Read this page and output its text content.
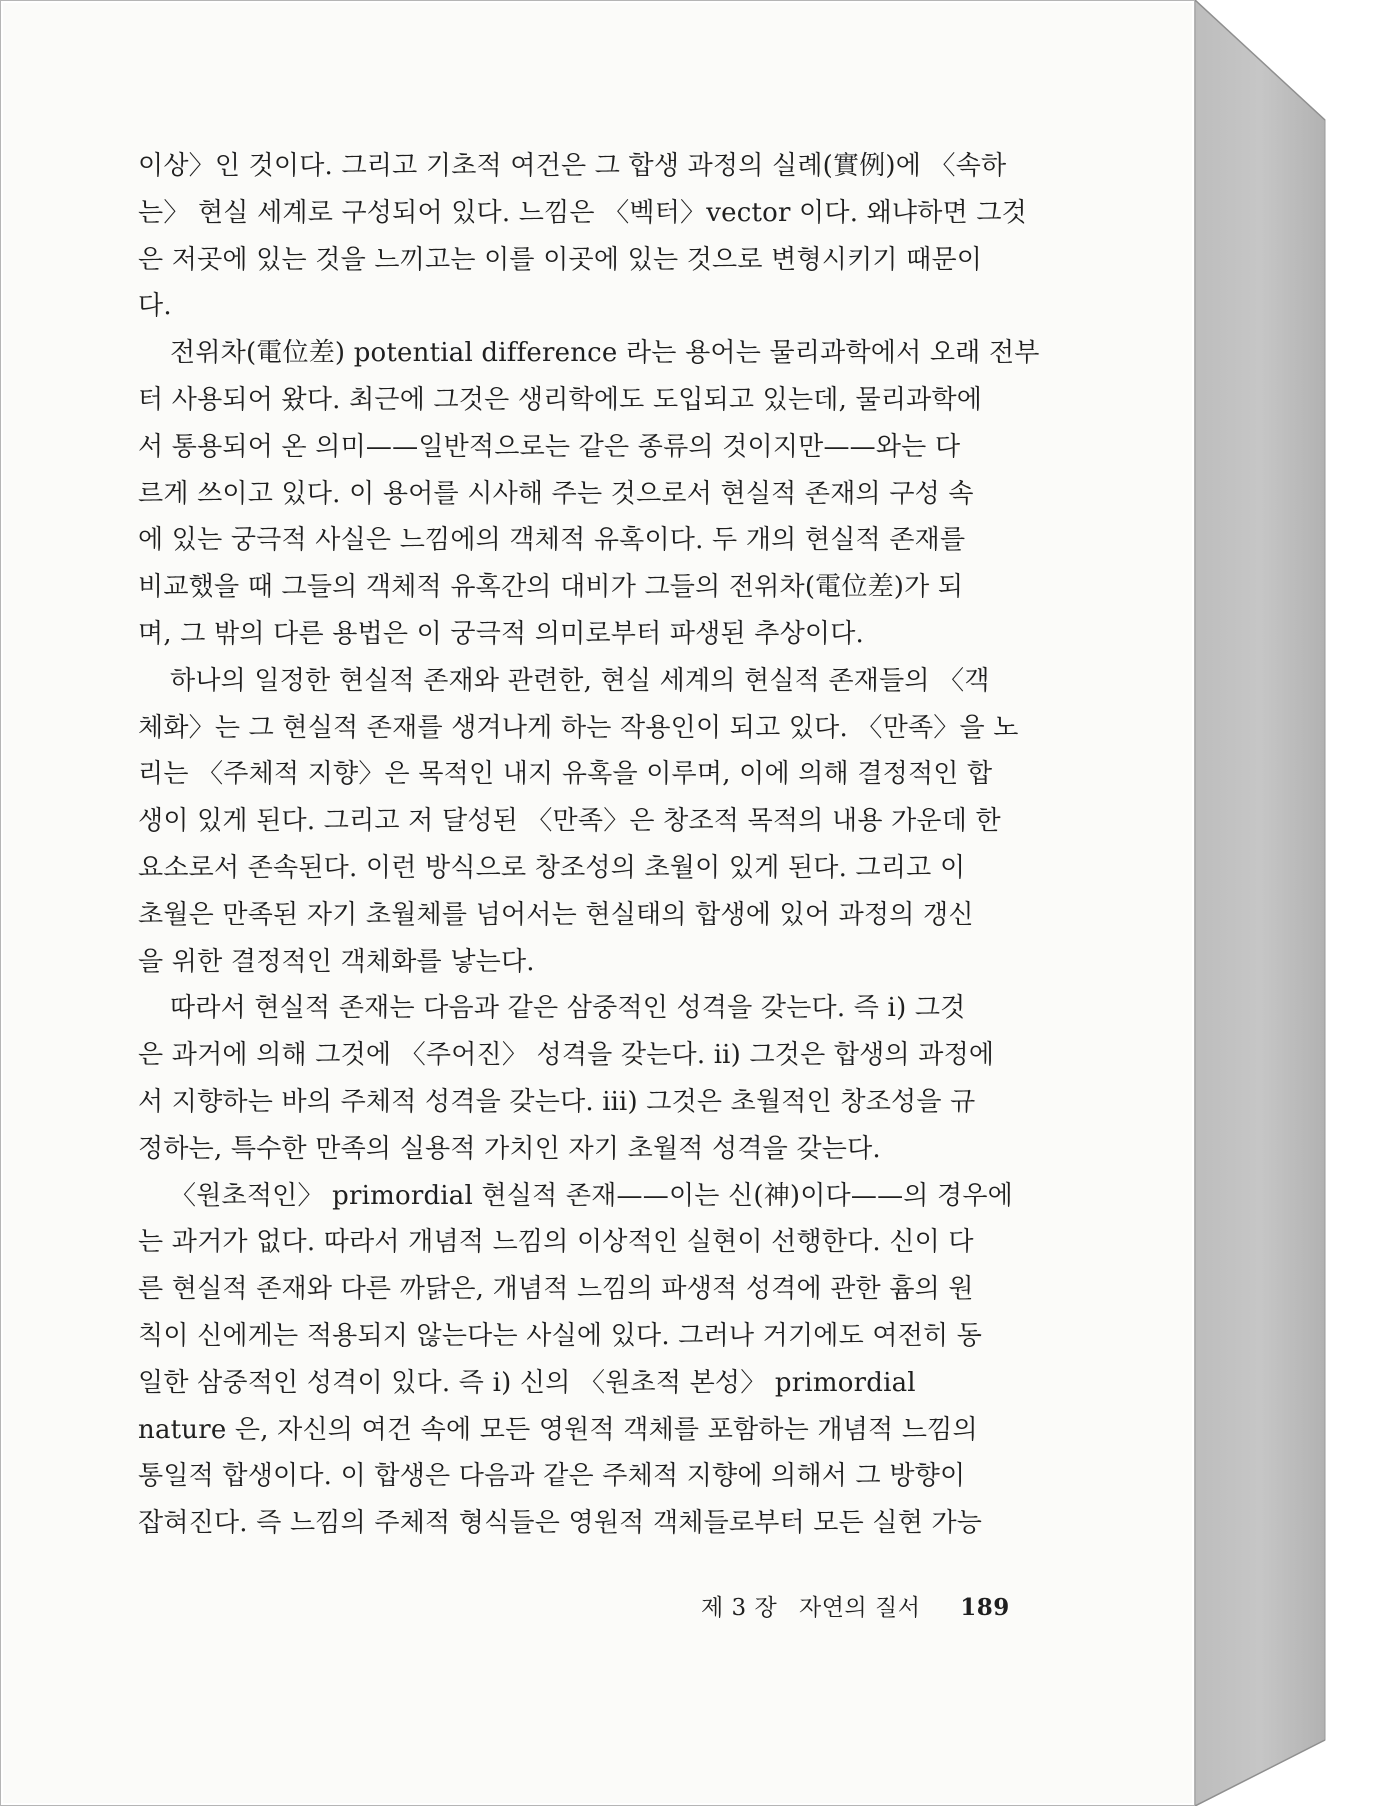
이상〉인 것이다. 그리고 기초적 여건은 그 합생 과정의 실례(實例)에 〈속하
는〉 현실 세계로 구성되어 있다. 느낌은 〈벡터〉vector 이다. 왜냐하면 그것
은 저곳에 있는 것을 느끼고는 이를 이곳에 있는 것으로 변형시키기 때문이
다.
전위차(電位差) potential difference 라는 용어는 물리과학에서 오래 전부
터 사용되어 왔다. 최근에 그것은 생리학에도 도입되고 있는데, 물리과학에
서 통용되어 온 의미——일반적으로는 같은 종류의 것이지만——와는 다
르게 쓰이고 있다. 이 용어를 시사해 주는 것으로서 현실적 존재의 구성 속
에 있는 궁극적 사실은 느낌에의 객체적 유혹이다. 두 개의 현실적 존재를
비교했을 때 그들의 객체적 유혹간의 대비가 그들의 전위차(電位差)가 되
며, 그 밖의 다른 용법은 이 궁극적 의미로부터 파생된 추상이다.
하나의 일정한 현실적 존재와 관련한, 현실 세계의 현실적 존재들의 〈객
체화〉는 그 현실적 존재를 생겨나게 하는 작용인이 되고 있다. 〈만족〉을 노
리는 〈주체적 지향〉은 목적인 내지 유혹을 이루며, 이에 의해 결정적인 합
생이 있게 된다. 그리고 저 달성된 〈만족〉은 창조적 목적의 내용 가운데 한
요소로서 존속된다. 이런 방식으로 창조성의 초월이 있게 된다. 그리고 이
초월은 만족된 자기 초월체를 넘어서는 현실태의 합생에 있어 과정의 갱신
을 위한 결정적인 객체화를 낳는다.
따라서 현실적 존재는 다음과 같은 삼중적인 성격을 갖는다. 즉 ⅰ) 그것
은 과거에 의해 그것에 〈주어진〉 성격을 갖는다. ⅱ) 그것은 합생의 과정에
서 지향하는 바의 주체적 성격을 갖는다. ⅲ) 그것은 초월적인 창조성을 규
정하는, 특수한 만족의 실용적 가치인 자기 초월적 성격을 갖는다.
〈원초적인〉 primordial 현실적 존재——이는 신(神)이다——의 경우에
는 과거가 없다. 따라서 개념적 느낌의 이상적인 실현이 선행한다. 신이 다
른 현실적 존재와 다른 까닭은, 개념적 느낌의 파생적 성격에 관한 흄의 원
칙이 신에게는 적용되지 않는다는 사실에 있다. 그러나 거기에도 여전히 동
일한 삼중적인 성격이 있다. 즉 ⅰ) 신의 〈원초적 본성〉 primordial
nature 은, 자신의 여건 속에 모든 영원적 객체를 포함하는 개념적 느낌의
통일적 합생이다. 이 합생은 다음과 같은 주체적 지향에 의해서 그 방향이
잡혀진다. 즉 느낌의 주체적 형식들은 영원적 객체들로부터 모든 실현 가능
제 3 장 자연의 질서 189
